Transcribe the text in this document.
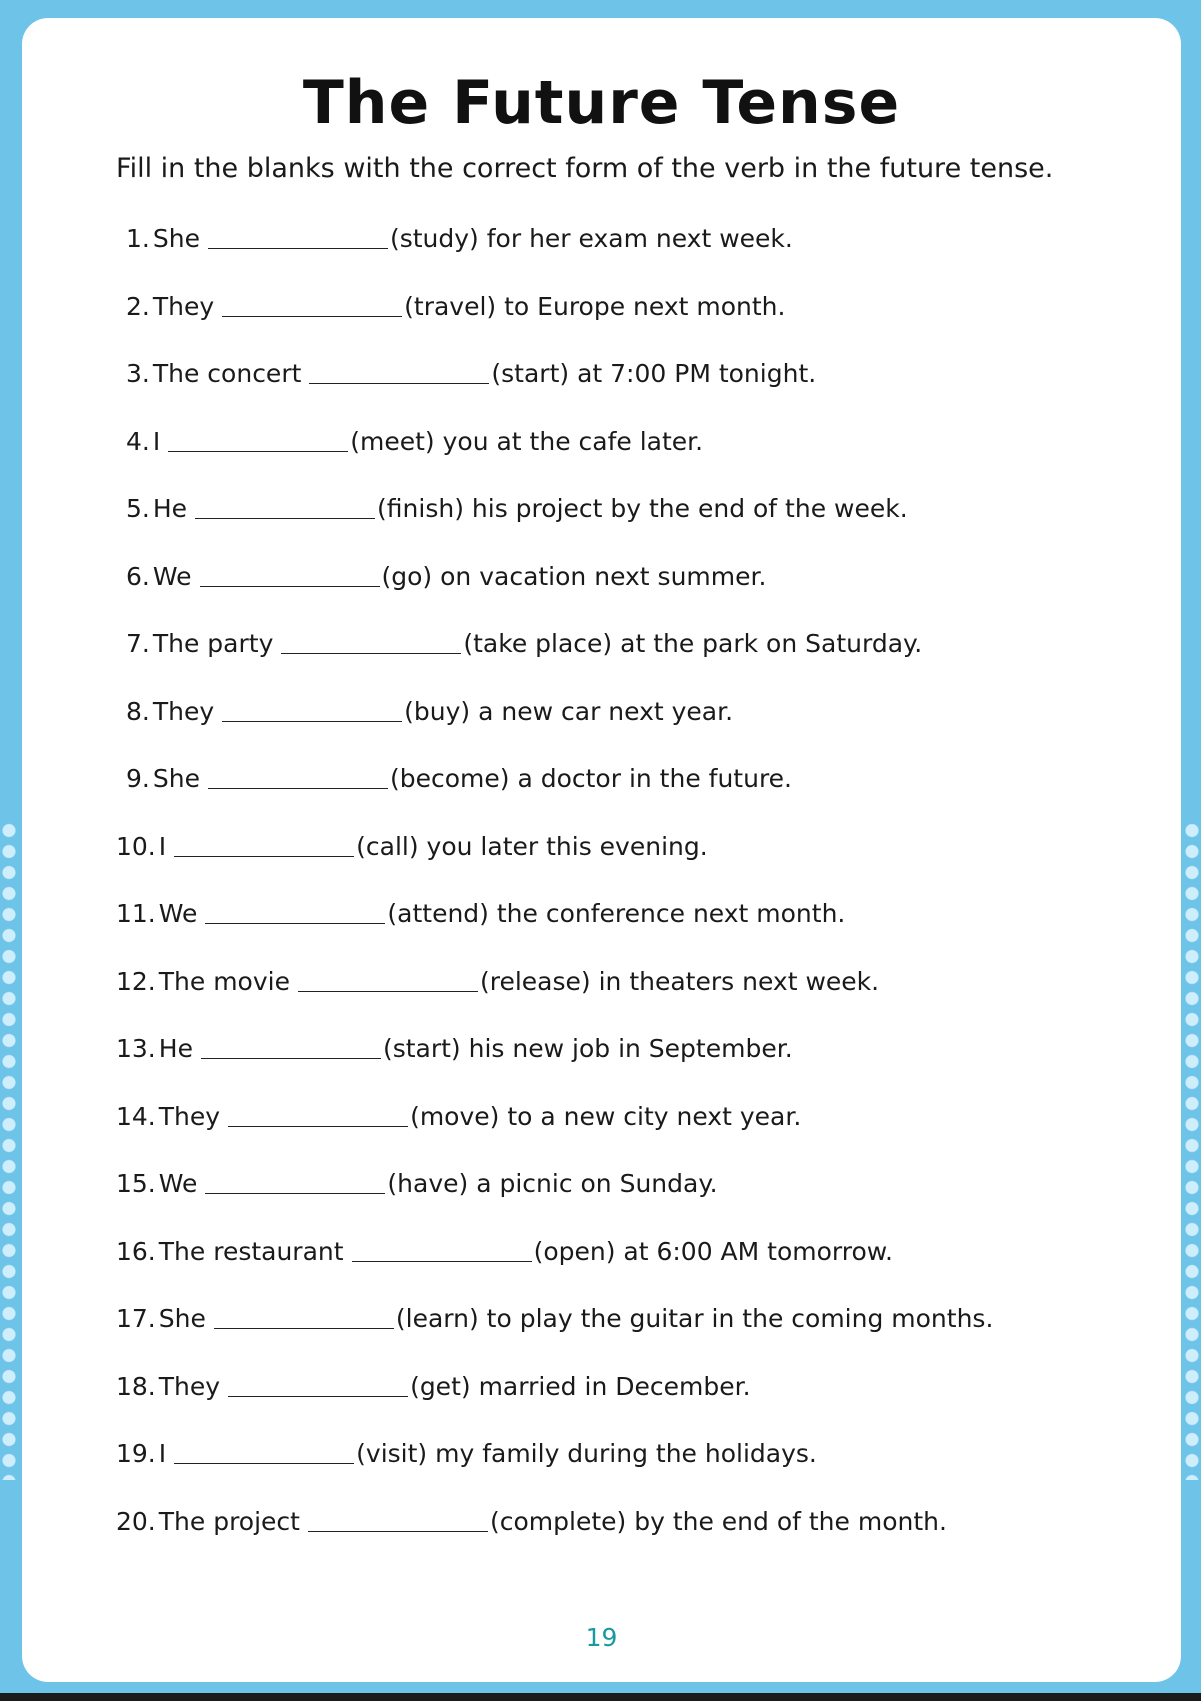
The Future Tense
Fill in the blanks with the correct form of the verb in the future tense.
1. She	(study) for her exam next week.
2. They	(travel) to Europe next month.
3. The concert	(start) at 7:00 PM tonight.
4. I	(meet) you at the cafe later.
5. He	(finish) his project by the end of the week.
6. We	(go) on vacation next summer.
7. The party	(take place) at the park on Saturday.
8. They	(buy) a new car next year.
9. She	(become) a doctor in the future.
10. I	(call) you later this evening.
11. We	(attend) the conference next month.
12. The movie	(release) in theaters next week.
13. He	(start) his new job in September.
14. They	(move) to a new city next year.
15. We	(have) a picnic on Sunday.
16. The restaurant	(open) at 6:00 AM tomorrow.
17. She	(learn) to play the guitar in the coming months.
18. They	(get) married in December.
19. I	(visit) my family during the holidays.
20. The project	(complete) by the end of the month.
19
